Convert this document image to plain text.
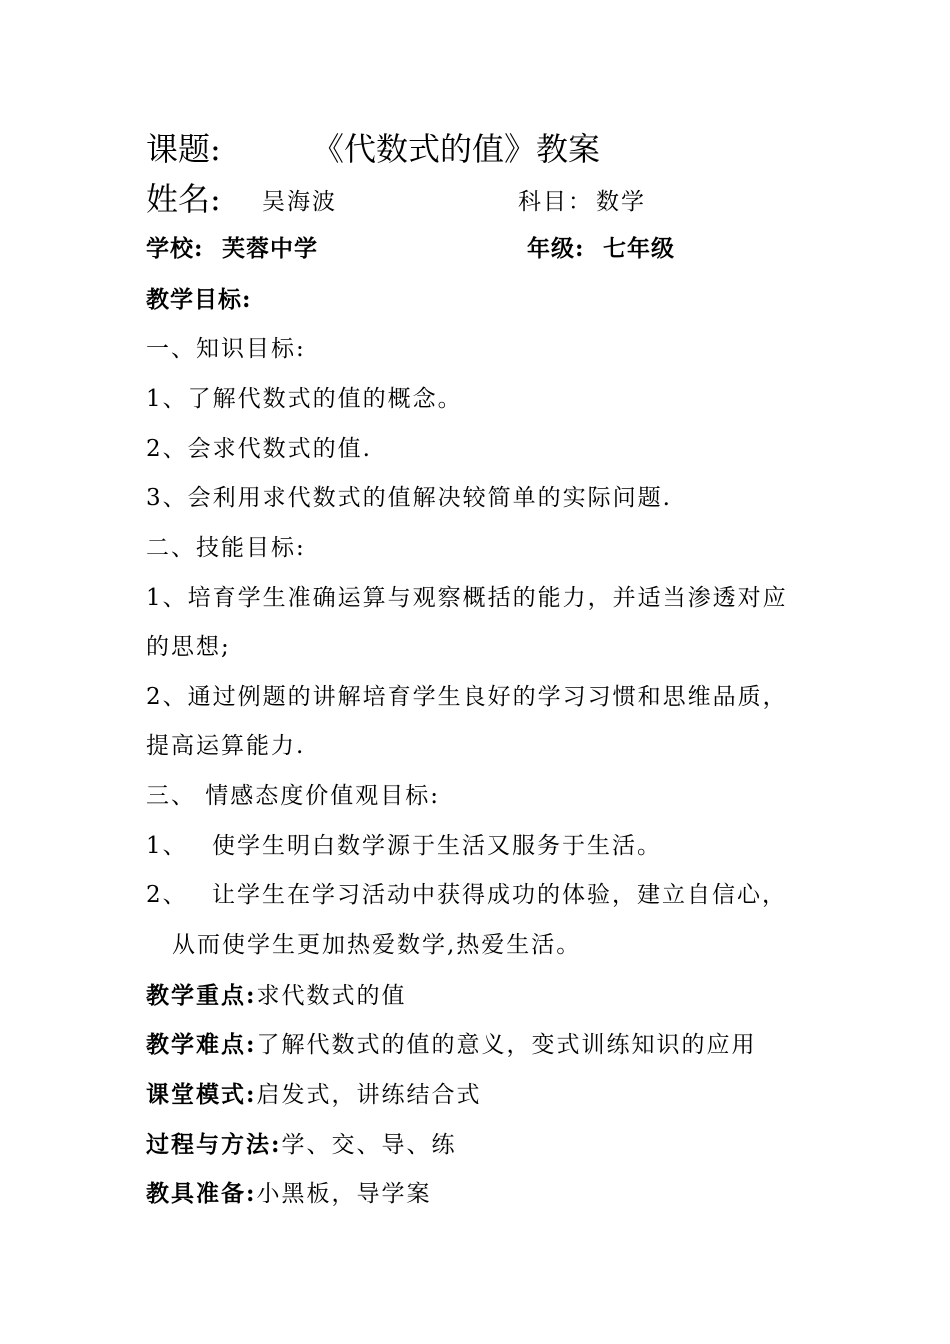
课题:	《代数式的值》教案
姓名: 吴海波	科目： 数学
学校: 芙蓉中学	年级: 七年级
教学目标:
一、知识目标:
1、了解代数式的值的概念。
2、会求代数式的值.
3、会利用求代数式的值解决较简单的实际问题.
二、技能目标:
1、培育学生准确运算与观察概括的能力，并适当渗透对应
的思想;
2、通过例题的讲解培育学生良好的学习习惯和思维品质，
提高运算能力.
三、 情感态度价值观目标:
1、 使学生明白数学源于生活又服务于生活。
2、 让学生在学习活动中获得成功的体验，建立自信心，
从而使学生更加热爱数学,热爱生活。
教学重点:求代数式的值
教学难点:了解代数式的值的意义，变式训练知识的应用
课堂模式:启发式，讲练结合式
过程与方法:学、交、导、练
教具准备:小黑板，导学案
